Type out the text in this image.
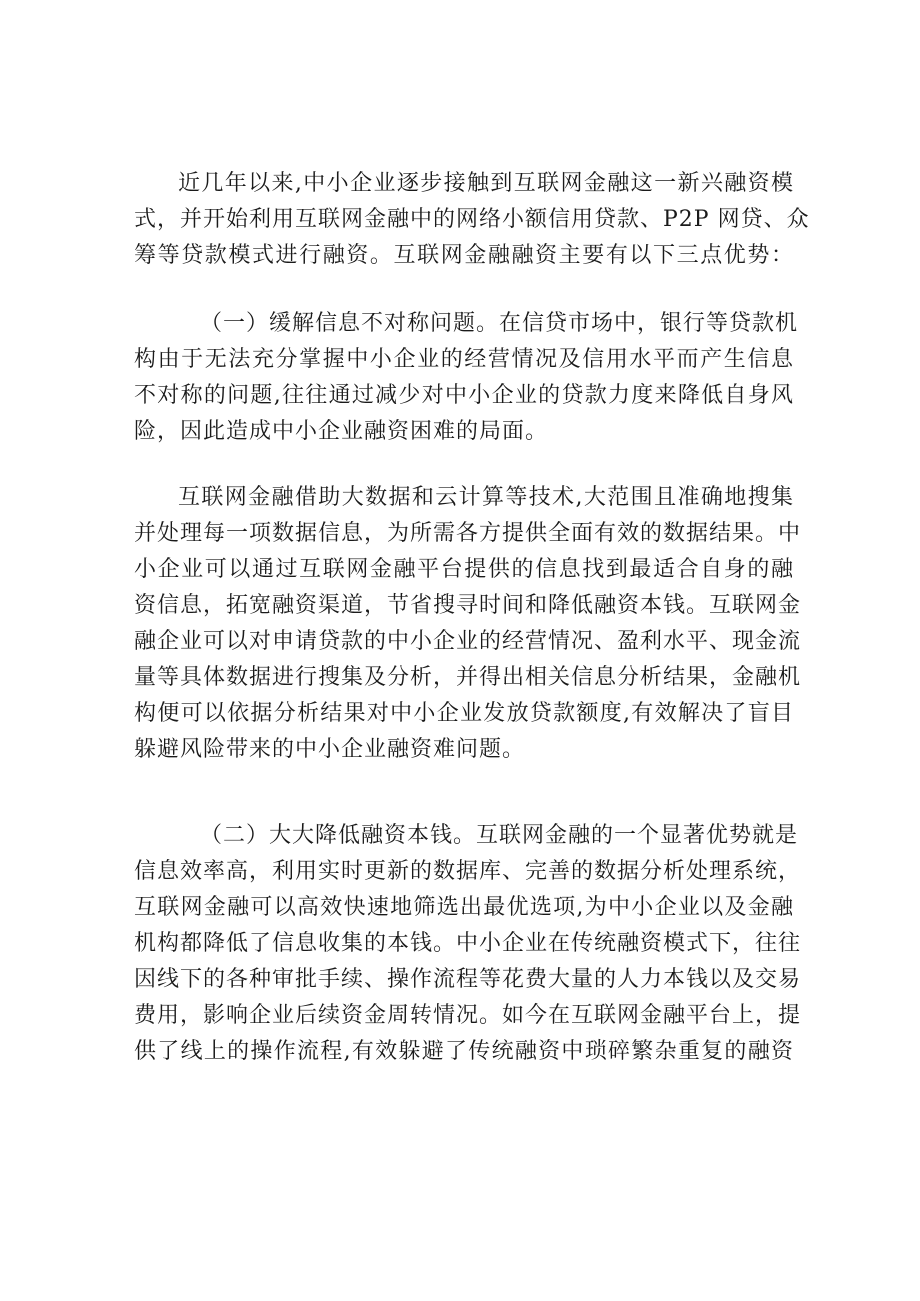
近几年以来,中小企业逐步接触到互联网金融这一新兴融资模
式，并开始利用互联网金融中的网络小额信用贷款、P2P 网贷、众
筹等贷款模式进行融资。互联网金融融资主要有以下三点优势：
（一）缓解信息不对称问题。在信贷市场中，银行等贷款机
构由于无法充分掌握中小企业的经营情况及信用水平而产生信息
不对称的问题,往往通过减少对中小企业的贷款力度来降低自身风
险，因此造成中小企业融资困难的局面。
互联网金融借助大数据和云计算等技术,大范围且准确地搜集
并处理每一项数据信息，为所需各方提供全面有效的数据结果。中
小企业可以通过互联网金融平台提供的信息找到最适合自身的融
资信息，拓宽融资渠道，节省搜寻时间和降低融资本钱。互联网金
融企业可以对申请贷款的中小企业的经营情况、盈利水平、现金流
量等具体数据进行搜集及分析，并得出相关信息分析结果，金融机
构便可以依据分析结果对中小企业发放贷款额度,有效解决了盲目
躲避风险带来的中小企业融资难问题。
（二）大大降低融资本钱。互联网金融的一个显著优势就是
信息效率高，利用实时更新的数据库、完善的数据分析处理系统，
互联网金融可以高效快速地筛选出最优选项,为中小企业以及金融
机构都降低了信息收集的本钱。中小企业在传统融资模式下，往往
因线下的各种审批手续、操作流程等花费大量的人力本钱以及交易
费用，影响企业后续资金周转情况。如今在互联网金融平台上，提
供了线上的操作流程,有效躲避了传统融资中琐碎繁杂重复的融资
